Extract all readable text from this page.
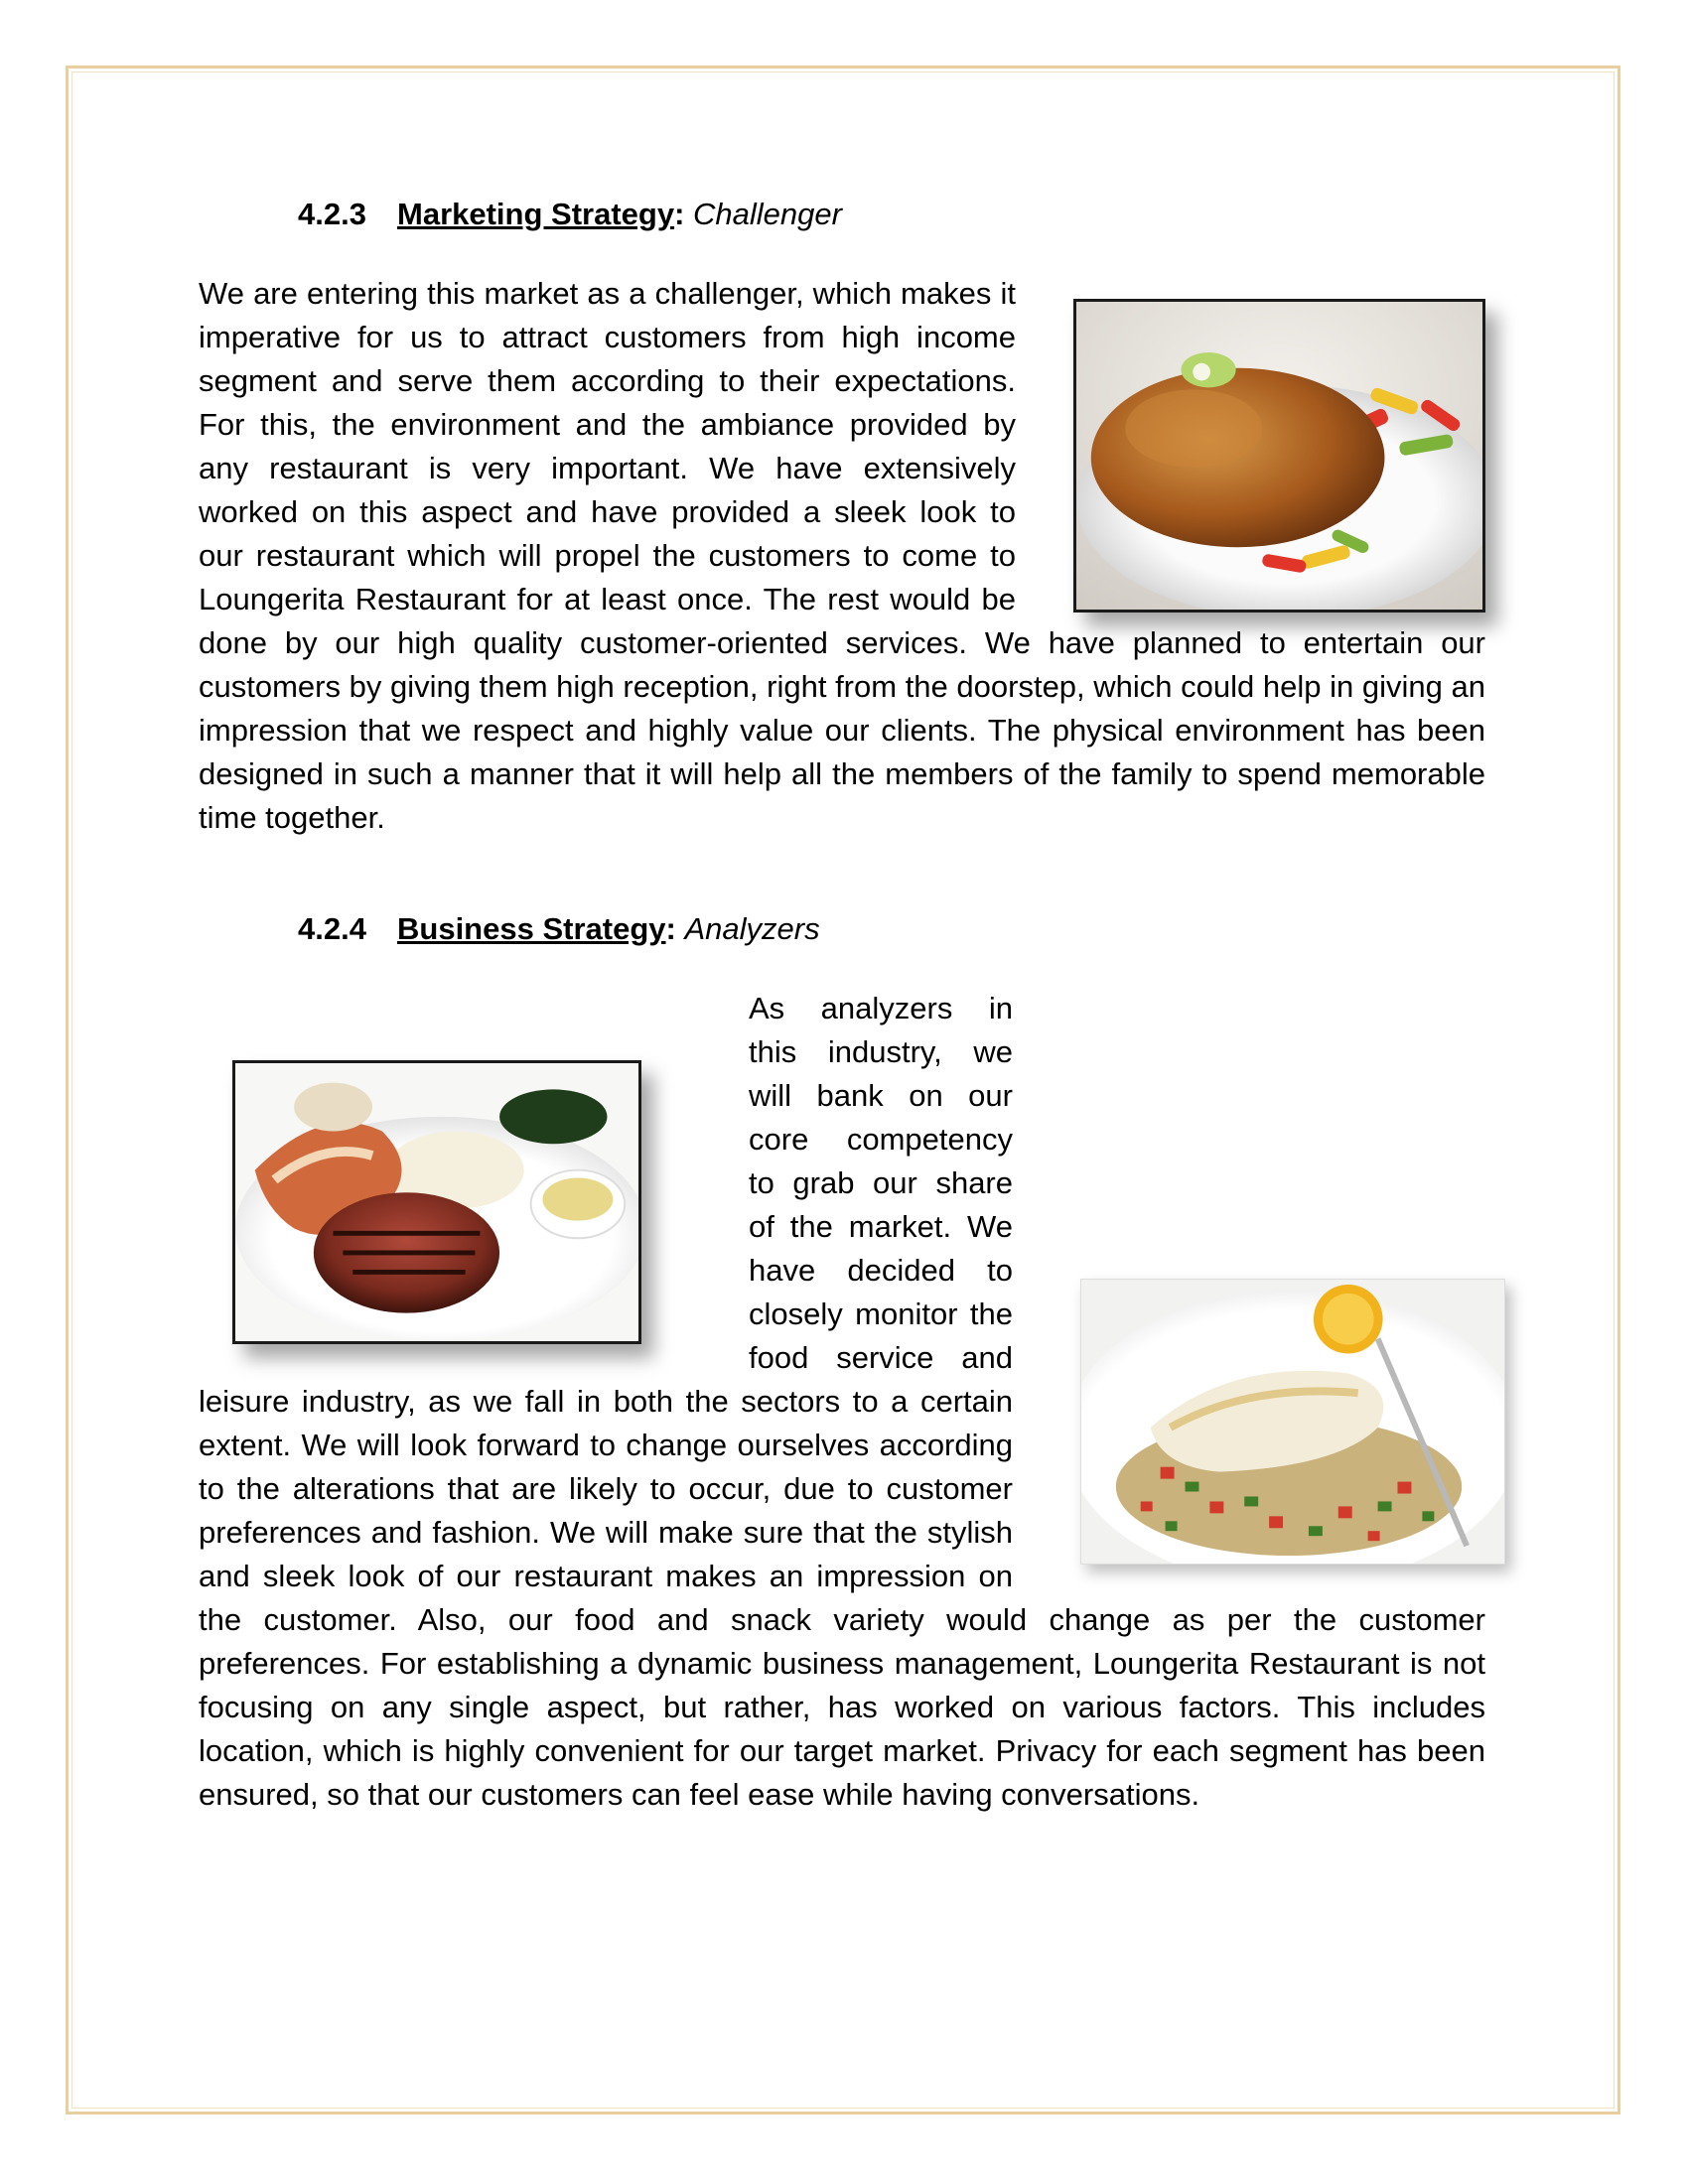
4.2.3 Marketing Strategy: Challenger
We are entering this market as a challenger, which makes it imperative for us to attract customers from high income segment and serve them according to their expectations. For this, the environment and the ambiance provided by any restaurant is very important. We have extensively worked on this aspect and have provided a sleek look to our restaurant which will propel the customers to come to Loungerita Restaurant for at least once. The rest would be done by our high quality customer-oriented services. We have planned to entertain our customers by giving them high reception, right from the doorstep, which could help in giving an impression that we respect and highly value our clients. The physical environment has been designed in such a manner that it will help all the members of the family to spend memorable time together.
4.2.4 Business Strategy: Analyzers
As analyzers in this industry, we will bank on our core competency to grab our share of the market. We have decided to closely monitor the food service and leisure industry, as we fall in both the sectors to a certain extent. We will look forward to change ourselves according to the alterations that are likely to occur, due to customer preferences and fashion. We will make sure that the stylish and sleek look of our restaurant makes an impression on the customer. Also, our food and snack variety would change as per the customer preferences. For establishing a dynamic business management, Loungerita Restaurant is not focusing on any single aspect, but rather, has worked on various factors. This includes location, which is highly convenient for our target market. Privacy for each segment has been ensured, so that our customers can feel ease while having conversations.
